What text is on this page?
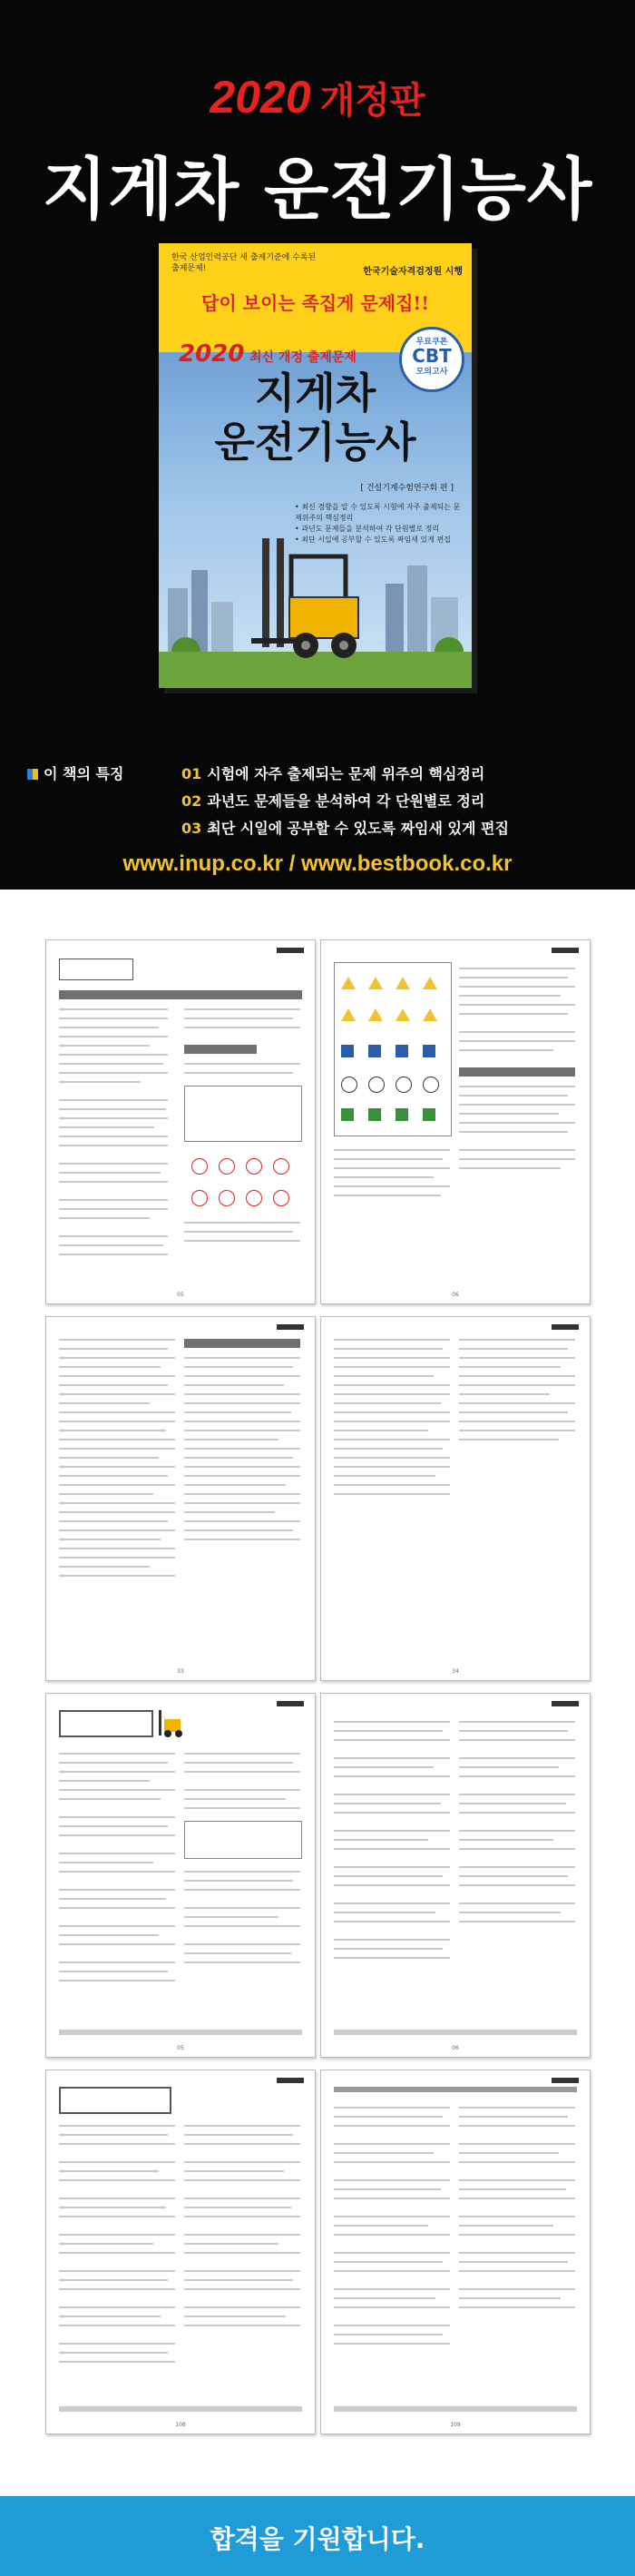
2020 개정판
지게차 운전기능사
한국 산업인력공단 새 출제기준에 수록된 출제문제!	한국기술자격검정원 시행
답이 보이는 족집게 문제집!!
2020 최신 개정 출제문제
지게차
운전기능사
무료쿠폰
CBT
모의고사
[ 건설기계수험연구회 편 ]
• 최신 경향을 알 수 있도록 시험에 자주 출제되는 문제위주의 핵심정리
• 과년도 문제들을 분석하여 각 단원별로 정리
• 최단 시일에 공부할 수 있도록 짜임새 있게 편집
이 책의 특징	01 시험에 자주 출제되는 문제 위주의 핵심정리
02 과년도 문제들을 분석하여 각 단원별로 정리
03 최단 시일에 공부할 수 있도록 짜임새 있게 편집
www.inup.co.kr / www.bestbook.co.kr
05	06
33	34
05	06
108	109
합격을 기원합니다.
